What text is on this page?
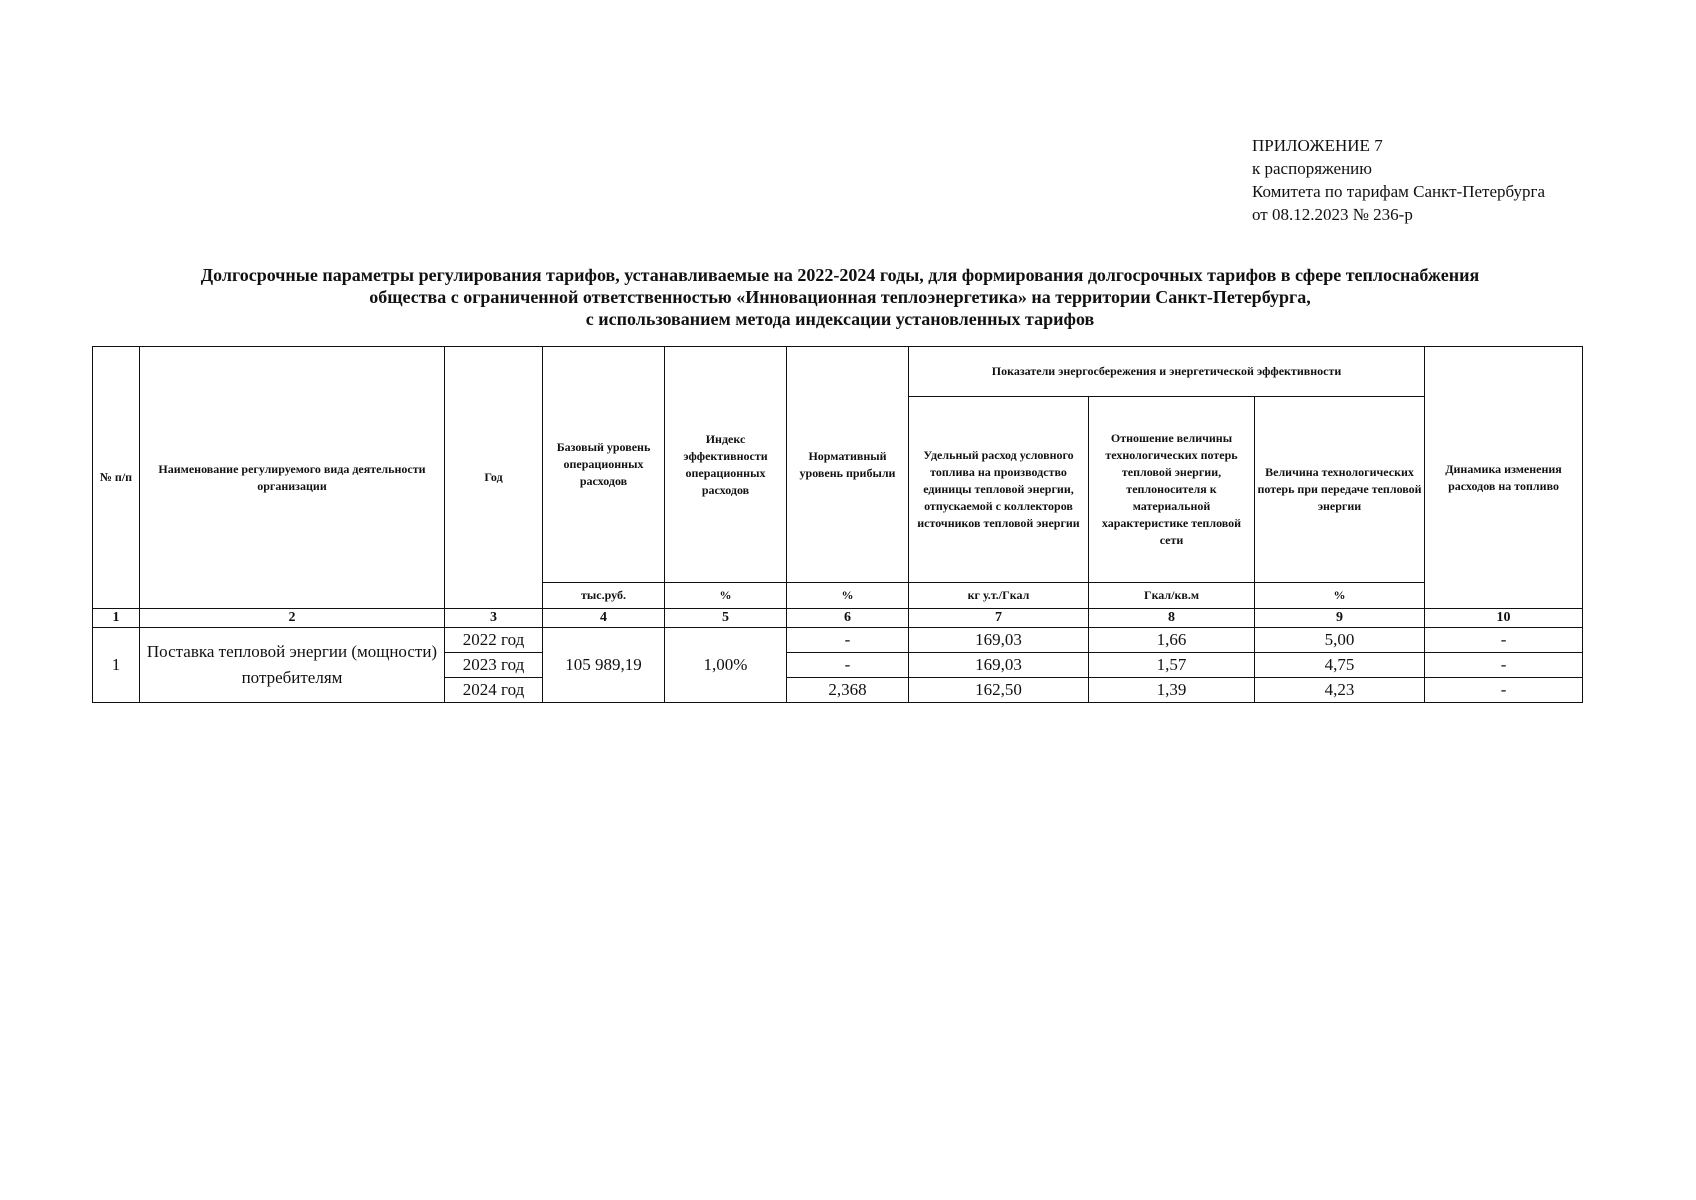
ПРИЛОЖЕНИЕ 7
к распоряжению
Комитета по тарифам Санкт-Петербурга
от 08.12.2023 № 236-р
Долгосрочные параметры регулирования тарифов, устанавливаемые на 2022-2024 годы, для формирования долгосрочных тарифов в сфере теплоснабжения
общества с ограниченной ответственностью «Инновационная теплоэнергетика» на территории Санкт-Петербурга,
с использованием метода индексации установленных тарифов
№ п/п	Наименование регулируемого вида деятельности организации	Год	Базовый уровень операционных расходов	Индекс эффективности операционных расходов	Нормативный уровень прибыли	Показатели энергосбережения и энергетической эффективности			Динамика изменения расходов на топливо
						Удельный расход условного топлива на производство единицы тепловой энергии, отпускаемой с коллекторов источников тепловой энергии	Отношение величины технологических потерь тепловой энергии, теплоносителя к материальной характеристике тепловой сети	Величина технологических потерь при передаче тепловой энергии	
			тыс.руб.	%	%	кг у.т./Гкал	Гкал/кв.м	%	
1	2	3	4	5	6	7	8	9	10
1	Поставка тепловой энергии (мощности) потребителям	2022 год	105 989,19	1,00%	-	169,03	1,66	5,00	-
		2023 год			-	169,03	1,57	4,75	-
		2024 год			2,368	162,50	1,39	4,23	-
